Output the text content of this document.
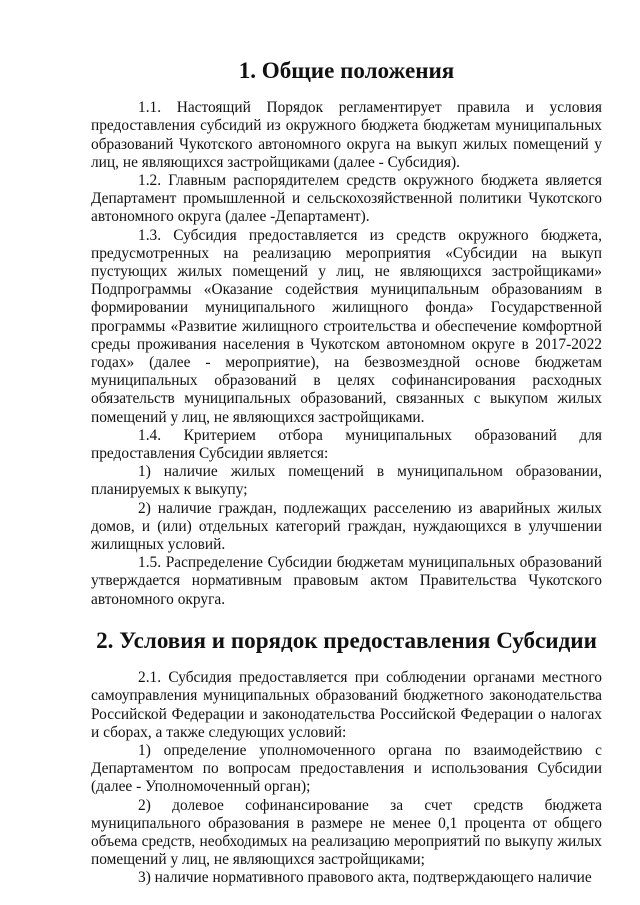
1. Общие положения

1.1. Настоящий Порядок регламентирует правила и условия предоставления субсидий из окружного бюджета бюджетам муниципальных образований Чукотского автономного округа на выкуп жилых помещений у лиц, не являющихся застройщиками (далее - Субсидия).

1.2. Главным распорядителем средств окружного бюджета является Департамент промышленной и сельскохозяйственной политики Чукотского автономного округа (далее -Департамент).

1.3. Субсидия предоставляется из средств окружного бюджета, предусмотренных на реализацию мероприятия «Субсидии на выкуп пустующих жилых помещений у лиц, не являющихся застройщиками» Подпрограммы «Оказание содействия муниципальным образованиям в формировании муниципального жилищного фонда» Государственной программы «Развитие жилищного строительства и обеспечение комфортной среды проживания населения в Чукотском автономном округе в 2017-2022 годах» (далее - мероприятие), на безвозмездной основе бюджетам муниципальных образований в целях софинансирования расходных обязательств муниципальных образований, связанных с выкупом жилых помещений у лиц, не являющихся застройщиками.

1.4. Критерием отбора муниципальных образований для предоставления Субсидии является:

1) наличие жилых помещений в муниципальном образовании, планируемых к выкупу;

2) наличие граждан, подлежащих расселению из аварийных жилых домов, и (или) отдельных категорий граждан, нуждающихся в улучшении жилищных условий.

1.5. Распределение Субсидии бюджетам муниципальных образований утверждается нормативным правовым актом Правительства Чукотского автономного округа.

2. Условия и порядок предоставления Субсидии

2.1. Субсидия предоставляется при соблюдении органами местного самоуправления муниципальных образований бюджетного законодательства Российской Федерации и законодательства Российской Федерации о налогах и сборах, а также следующих условий:

1) определение уполномоченного органа по взаимодействию с Департаментом по вопросам предоставления и использования Субсидии (далее - Уполномоченный орган);

2) долевое софинансирование за счет средств бюджета муниципального образования в размере не менее 0,1 процента от общего объема средств, необходимых на реализацию мероприятий по выкупу жилых помещений у лиц, не являющихся застройщиками;

3) наличие нормативного правового акта, подтверждающего наличие
